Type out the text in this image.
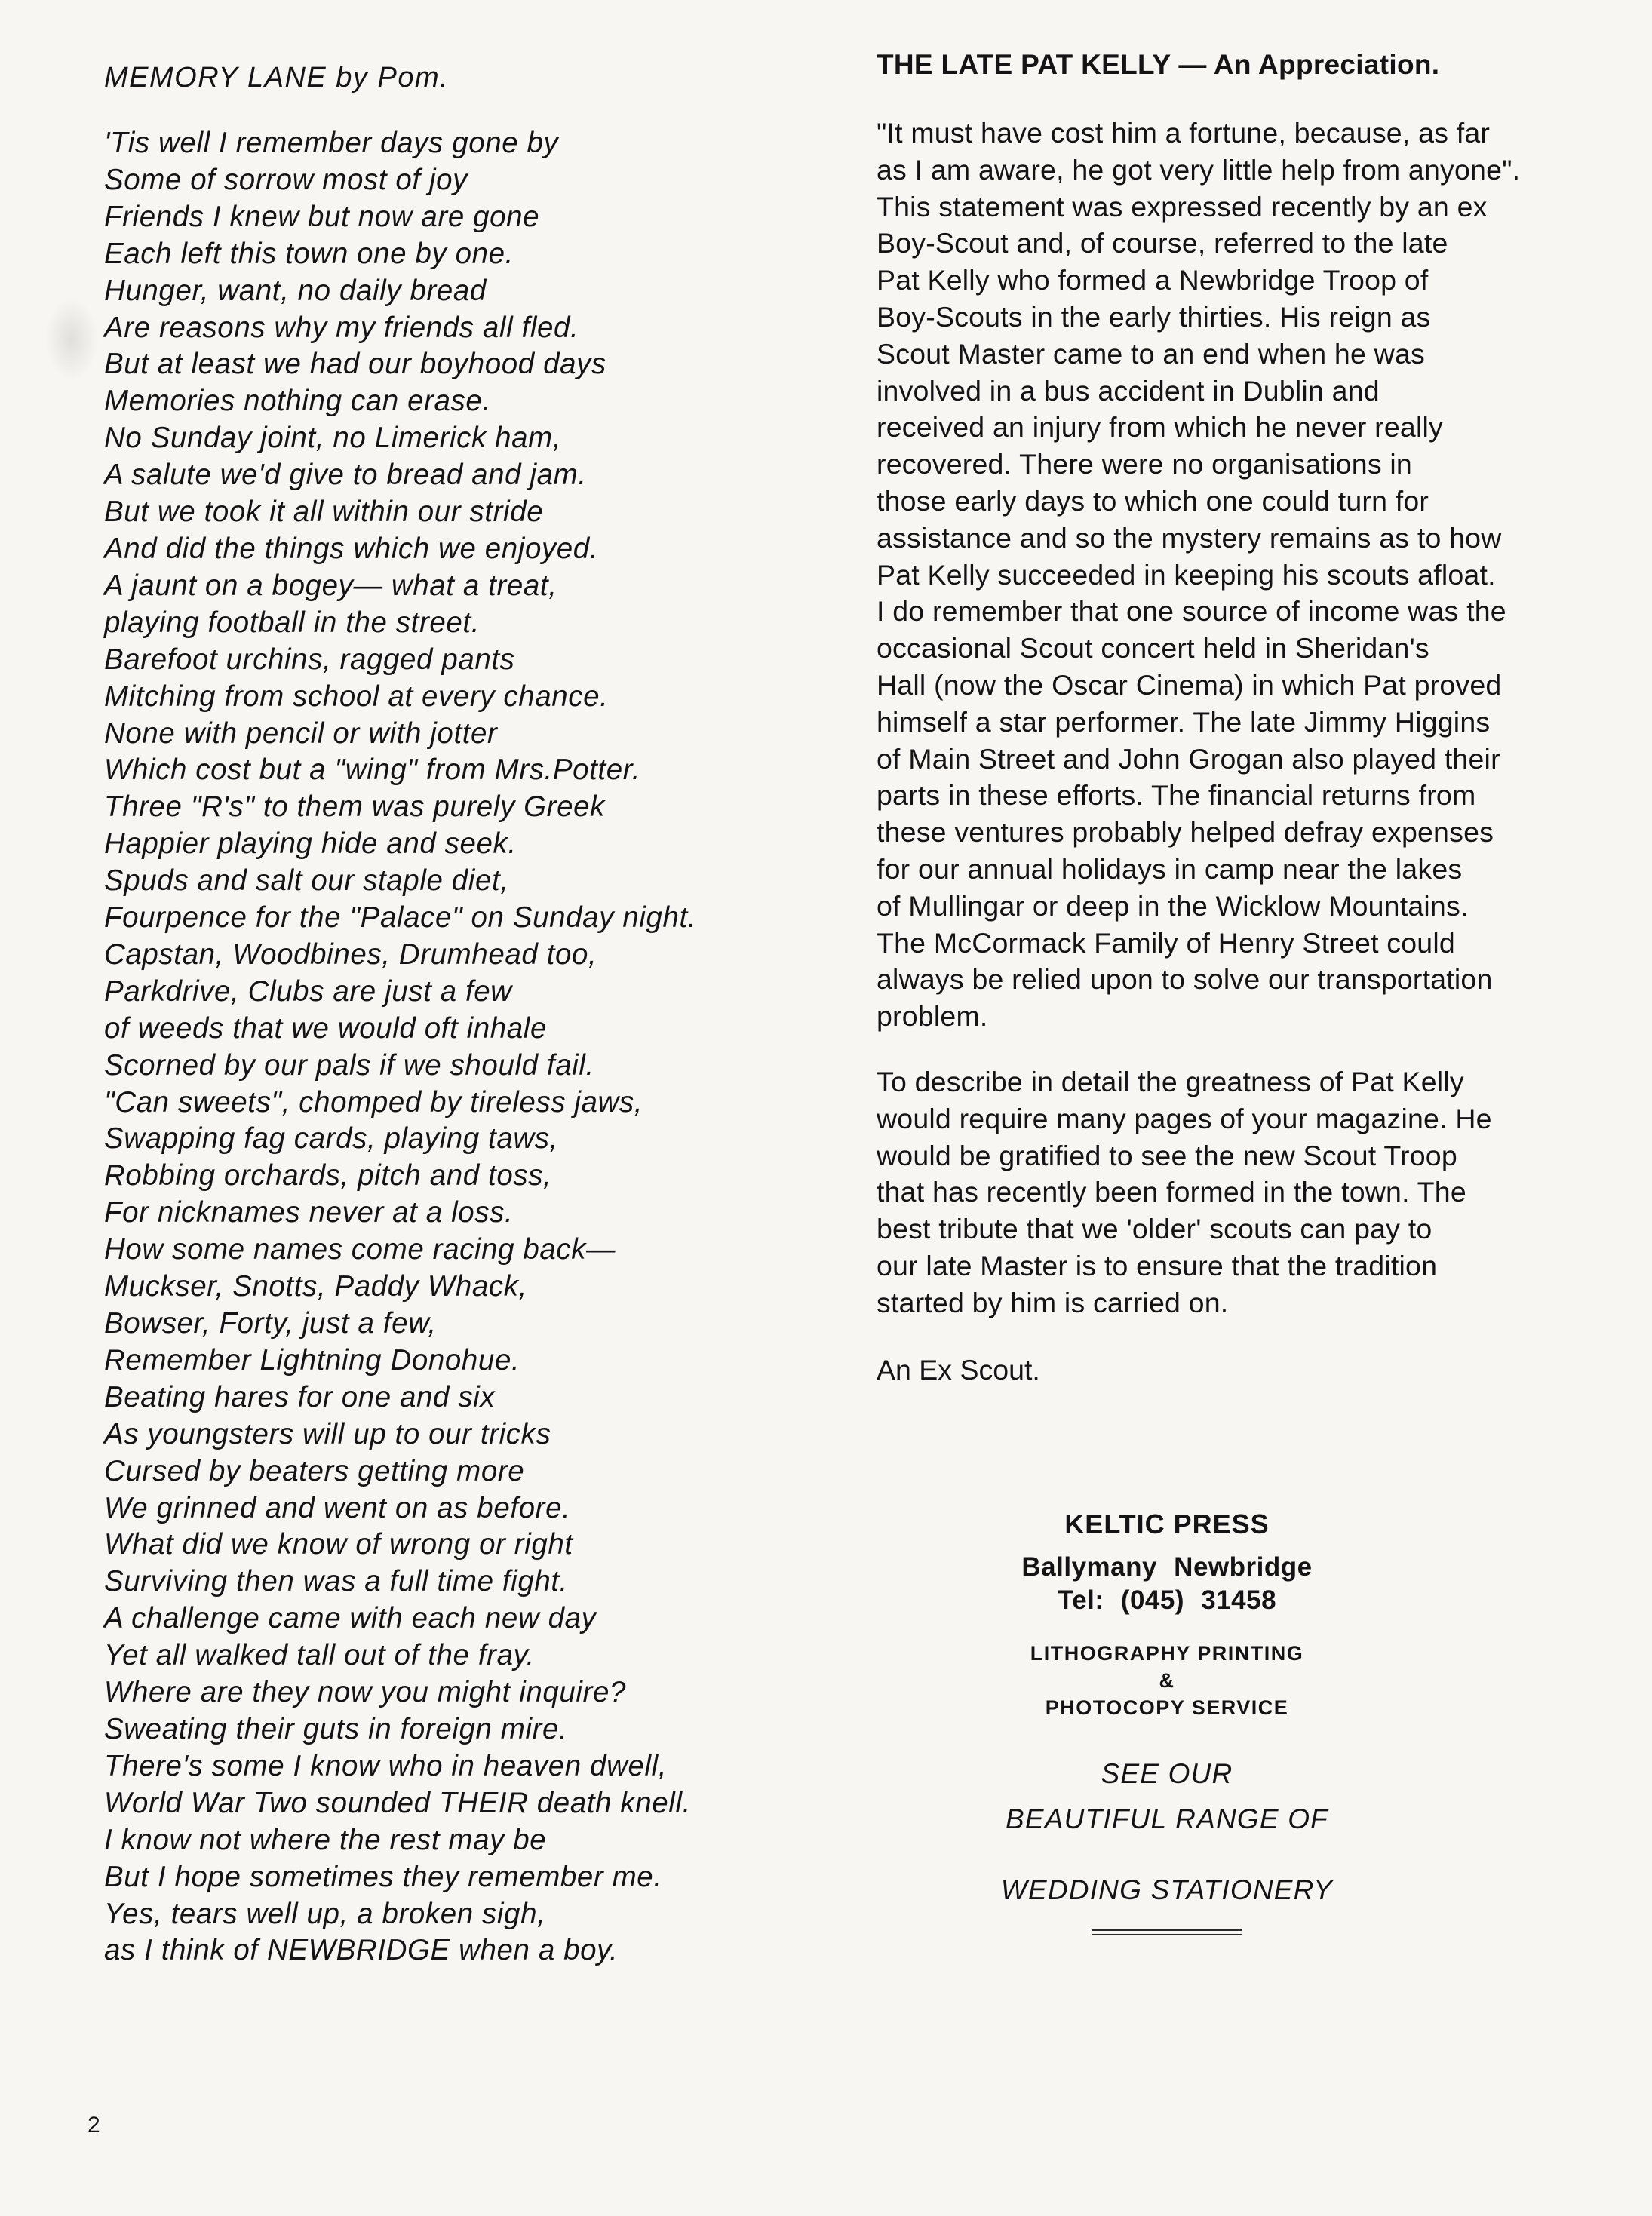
MEMORY LANE by Pom.
'Tis well I remember days gone by
Some of sorrow most of joy
Friends I knew but now are gone
Each left this town one by one.
Hunger, want, no daily bread
Are reasons why my friends all fled.
But at least we had our boyhood days
Memories nothing can erase.
No Sunday joint, no Limerick ham,
A salute we'd give to bread and jam.
But we took it all within our stride
And did the things which we enjoyed.
A jaunt on a bogey— what a treat,
playing football in the street.
Barefoot urchins, ragged pants
Mitching from school at every chance.
None with pencil or with jotter
Which cost but a "wing" from Mrs.Potter.
Three "R's" to them was purely Greek
Happier playing hide and seek.
Spuds and salt our staple diet,
Fourpence for the "Palace" on Sunday night.
Capstan, Woodbines, Drumhead too,
Parkdrive, Clubs are just a few
of weeds that we would oft inhale
Scorned by our pals if we should fail.
"Can sweets", chomped by tireless jaws,
Swapping fag cards, playing taws,
Robbing orchards, pitch and toss,
For nicknames never at a loss.
How some names come racing back—
Muckser, Snotts, Paddy Whack,
Bowser, Forty, just a few,
Remember Lightning Donohue.
Beating hares for one and six
As youngsters will up to our tricks
Cursed by beaters getting more
We grinned and went on as before.
What did we know of wrong or right
Surviving then was a full time fight.
A challenge came with each new day
Yet all walked tall out of the fray.
Where are they now you might inquire?
Sweating their guts in foreign mire.
There's some I know who in heaven dwell,
World War Two sounded THEIR death knell.
I know not where the rest may be
But I hope sometimes they remember me.
Yes, tears well up, a broken sigh,
as I think of NEWBRIDGE when a boy.
THE LATE PAT KELLY — An Appreciation.
"It must have cost him a fortune, because, as far
as I am aware, he got very little help from anyone".
This statement was expressed recently by an ex
Boy-Scout and, of course, referred to the late
Pat Kelly who formed a Newbridge Troop of
Boy-Scouts in the early thirties. His reign as
Scout Master came to an end when he was
involved in a bus accident in Dublin and
received an injury from which he never really
recovered. There were no organisations in
those early days to which one could turn for
assistance and so the mystery remains as to how
Pat Kelly succeeded in keeping his scouts afloat.
I do remember that one source of income was the
occasional Scout concert held in Sheridan's
Hall (now the Oscar Cinema) in which Pat proved
himself a star performer. The late Jimmy Higgins
of Main Street and John Grogan also played their
parts in these efforts. The financial returns from
these ventures probably helped defray expenses
for our annual holidays in camp near the lakes
of Mullingar or deep in the Wicklow Mountains.
The McCormack Family of Henry Street could
always be relied upon to solve our transportation
problem.
To describe in detail the greatness of Pat Kelly
would require many pages of your magazine. He
would be gratified to see the new Scout Troop
that has recently been formed in the town. The
best tribute that we 'older' scouts can pay to
our late Master is to ensure that the tradition
started by him is carried on.
An Ex Scout.
KELTIC PRESS
Ballymany Newbridge
Tel: (045) 31458
LITHOGRAPHY PRINTING
&
PHOTOCOPY SERVICE
SEE OUR
BEAUTIFUL RANGE OF
WEDDING STATIONERY
2
